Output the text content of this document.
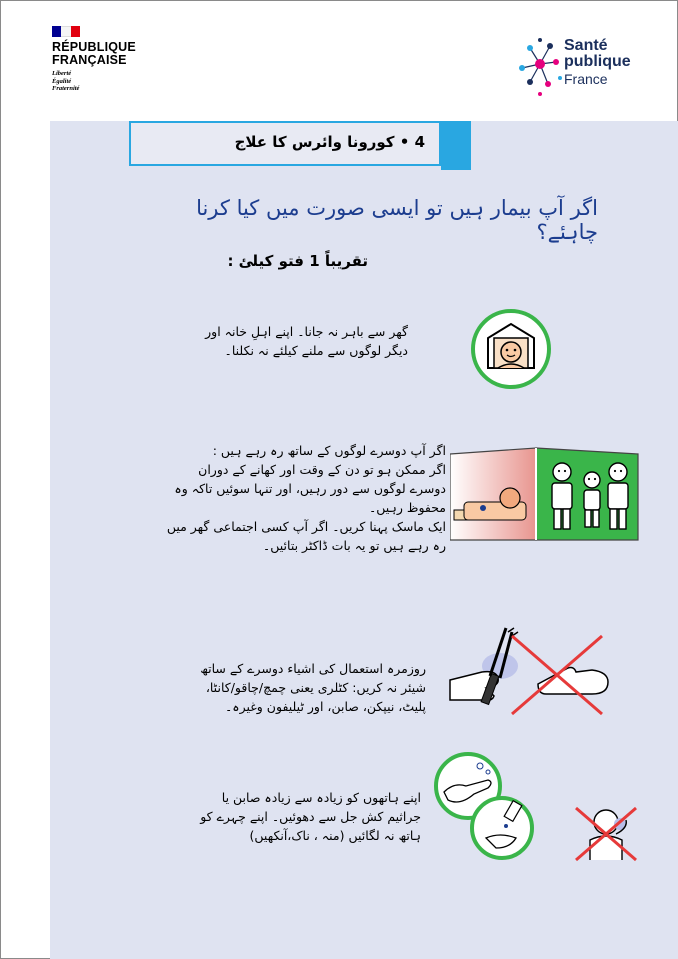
RÉPUBLIQUE
FRANÇAISE
Liberté
Égalité
Fraternité
Santé
publique
France
4 • کورونا وائرس کا علاج
اگر آپ بیمار ہیں تو ایسی صورت میں کیا کرنا چاہئے؟
تقریباً 1 فتو کیلئ :
گھر سے باہر نہ جانا۔ اپنے اہلِ خانہ اور
دیگر لوگوں سے ملنے کیلئے نہ نکلنا۔
اگر آپ دوسرے لوگوں کے ساتھ رہ رہے ہیں :
اگر ممکن ہو تو دن کے وقت اور کھانے کے دوران
دوسرے لوگوں سے دور رہیں، اور تنہا سوئیں تاکہ وہ
محفوظ رہیں۔
ایک ماسک پہنا کریں۔ اگر آپ کسی اجتماعی گھر میں
رہ رہے ہیں تو یہ بات ڈاکٹر بتائیں۔
روزمرہ استعمال کی اشیاء دوسرے کے ساتھ
شیئر نہ کریں: کٹلری یعنی چمچ/چاقو/کانٹا،
پلیٹ، نیپکن، صابن، اور ٹیلیفون وغیرہ۔
اپنے ہاتھوں کو زیادہ سے زیادہ صابن یا
جراثیم کش جل سے دھوئیں۔ اپنے چہرے کو
ہاتھ نہ لگائیں (منہ ، ناک،آنکھیں)
